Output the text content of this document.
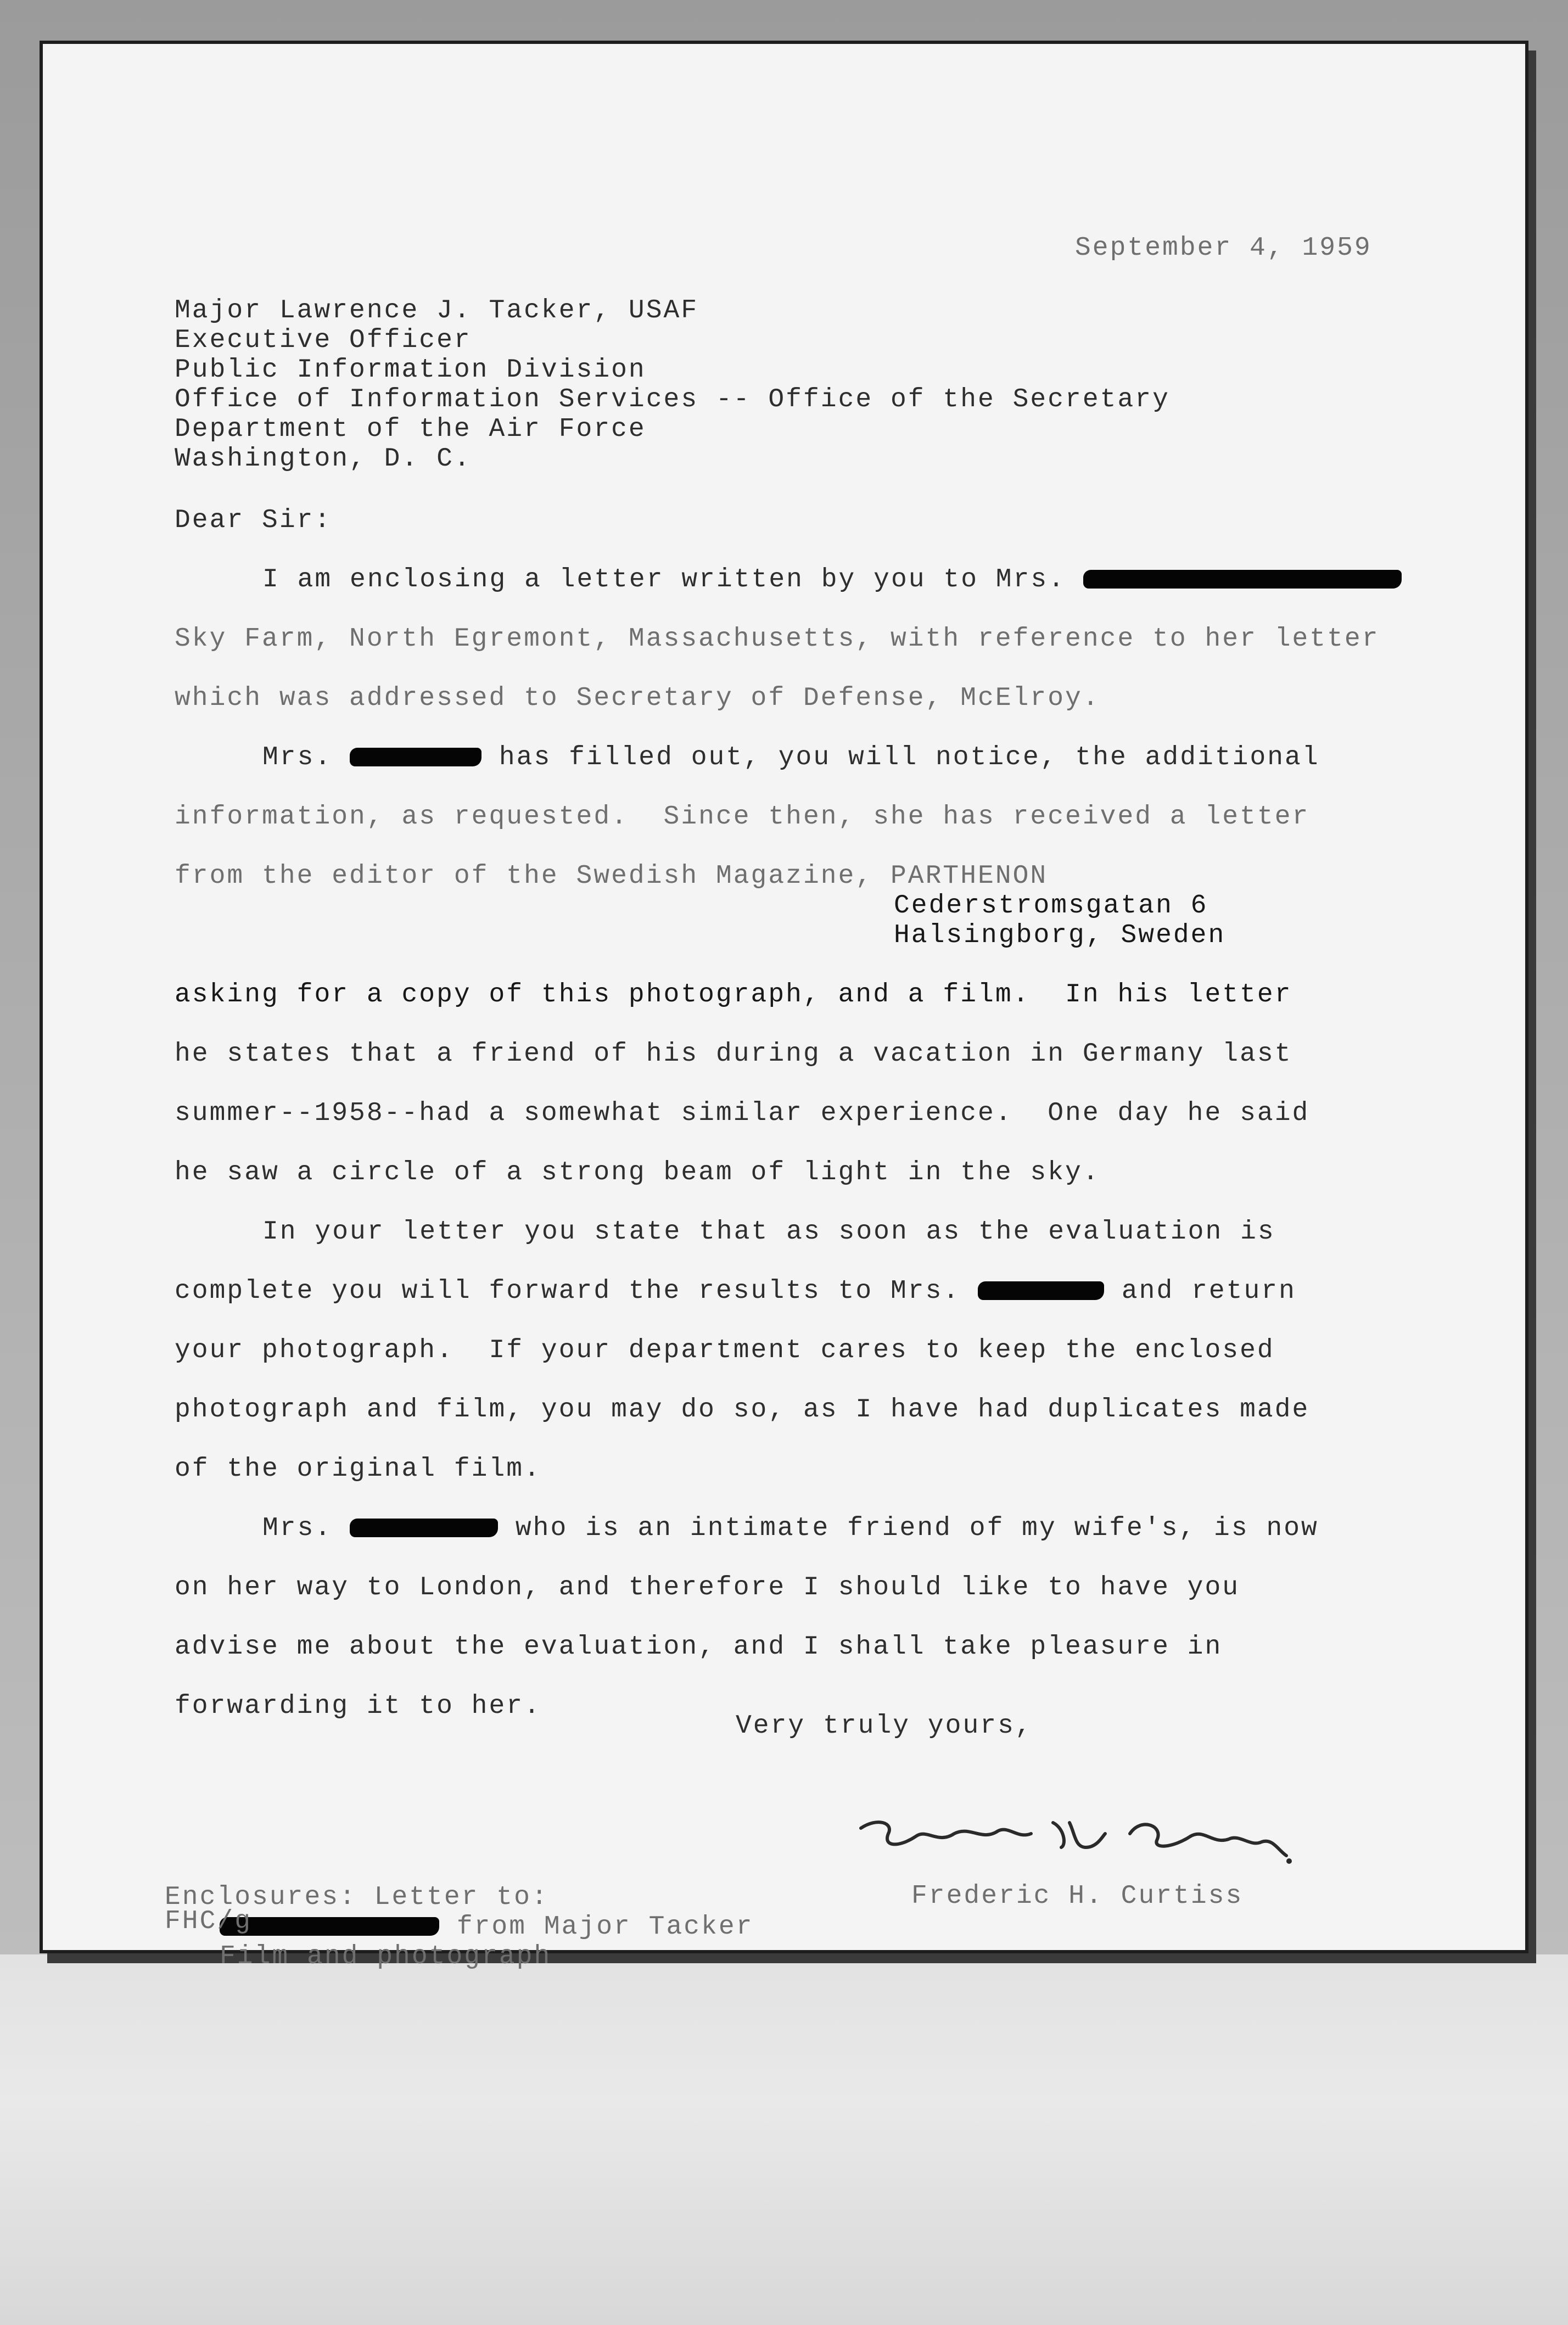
September 4, 1959

Major Lawrence J. Tacker, USAF

Executive Officer

Public Information Division

Office of Information Services -- Office of the Secretary

Department of the Air Force

Washington, D. C.

Dear Sir:

I am enclosing a letter written by you to Mrs.

Sky Farm, North Egremont, Massachusetts, with reference to her letter

which was addressed to Secretary of Defense, McElroy.

Mrs.	has filled out, you will notice, the additional

information, as requested.  Since then, she has received a letter

from the editor of the Swedish Magazine, PARTHENON

Cederstromsgatan 6

Halsingborg, Sweden

asking for a copy of this photograph, and a film.  In his letter

he states that a friend of his during a vacation in Germany last

summer--1958--had a somewhat similar experience.  One day he said

he saw a circle of a strong beam of light in the sky.

In your letter you state that as soon as the evaluation is

complete you will forward the results to Mrs.	and return

your photograph.  If your department cares to keep the enclosed

photograph and film, you may do so, as I have had duplicates made

of the original film.

Mrs.	who is an intimate friend of my wife's, is now

on her way to London, and therefore I should like to have you

advise me about the evaluation, and I shall take pleasure in

forwarding it to her.

Very truly yours,

Frederic H. Curtiss

Enclosures: Letter to:

from Major Tacker

Film and photograph

FHC/g
